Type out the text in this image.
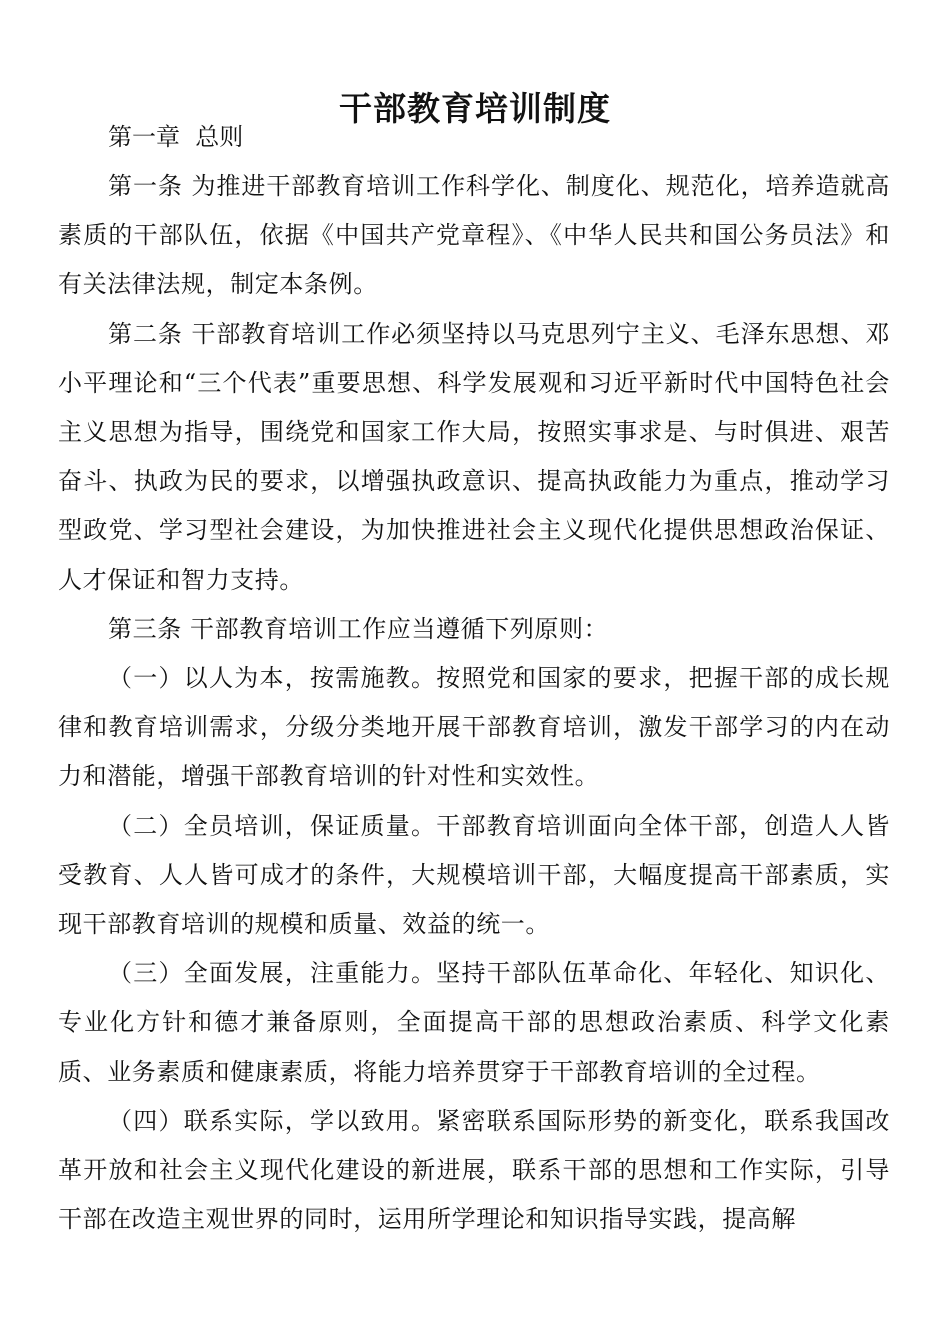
干部教育培训制度

第一章  总则

第一条 为推进干部教育培训工作科学化、制度化、规范化，培养造就高素质的干部队伍，依据《中国共产党章程》、《中华人民共和国公务员法》和有关法律法规，制定本条例。

第二条 干部教育培训工作必须坚持以马克思列宁主义、毛泽东思想、邓小平理论和“三个代表”重要思想、科学发展观和习近平新时代中国特色社会主义思想为指导，围绕党和国家工作大局，按照实事求是、与时俱进、艰苦奋斗、执政为民的要求，以增强执政意识、提高执政能力为重点，推动学习型政党、学习型社会建设，为加快推进社会主义现代化提供思想政治保证、人才保证和智力支持。

第三条 干部教育培训工作应当遵循下列原则：

（一）以人为本，按需施教。按照党和国家的要求，把握干部的成长规律和教育培训需求，分级分类地开展干部教育培训，激发干部学习的内在动力和潜能，增强干部教育培训的针对性和实效性。

（二）全员培训，保证质量。干部教育培训面向全体干部，创造人人皆受教育、人人皆可成才的条件，大规模培训干部，大幅度提高干部素质，实现干部教育培训的规模和质量、效益的统一。

（三）全面发展，注重能力。坚持干部队伍革命化、年轻化、知识化、专业化方针和德才兼备原则，全面提高干部的思想政治素质、科学文化素质、业务素质和健康素质，将能力培养贯穿于干部教育培训的全过程。

（四）联系实际，学以致用。紧密联系国际形势的新变化，联系我国改革开放和社会主义现代化建设的新进展，联系干部的思想和工作实际，引导干部在改造主观世界的同时，运用所学理论和知识指导实践，提高解
